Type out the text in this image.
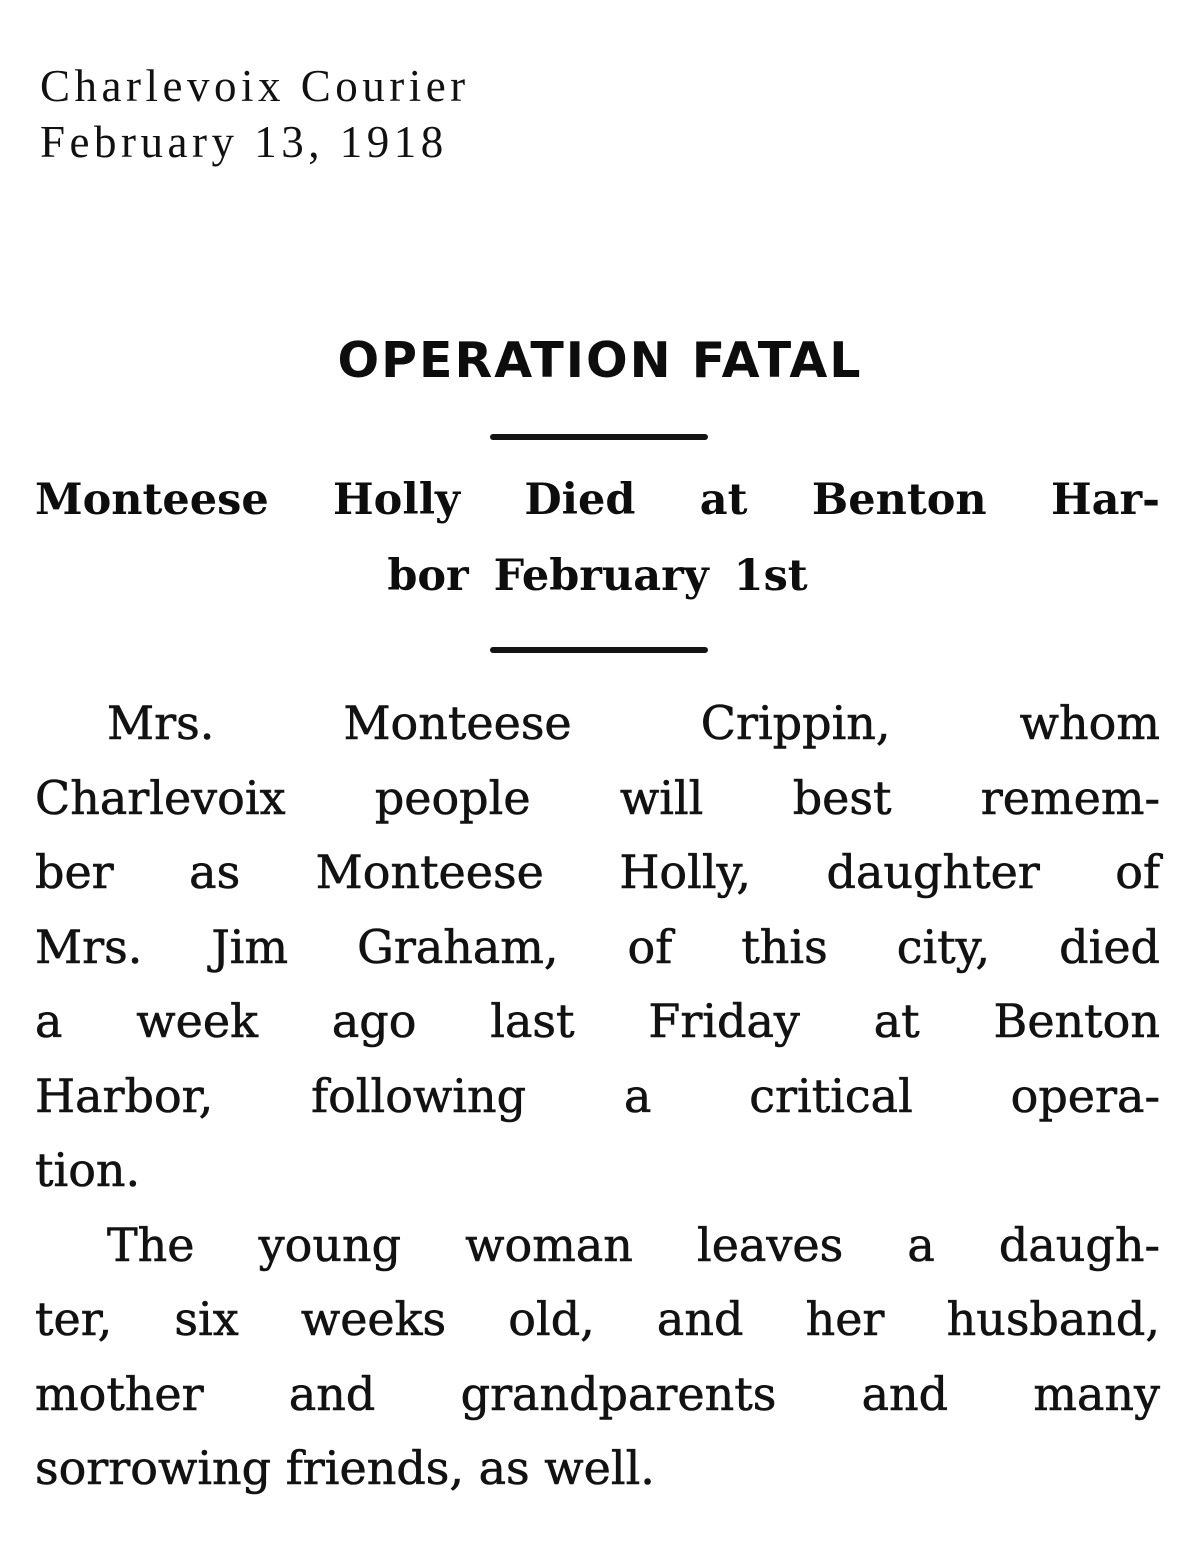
Charlevoix Courier
February 13, 1918
OPERATION FATAL
Monteese Holly Died at Benton Har-
bor February 1st
Mrs. Monteese Crippin, whom
Charlevoix people will best remem-
ber as Monteese Holly, daughter of
Mrs. Jim Graham, of this city, died
a week ago last Friday at Benton
Harbor, following a critical opera-
tion.
The young woman leaves a daugh-
ter, six weeks old, and her husband,
mother and grandparents and many
sorrowing friends, as well.
